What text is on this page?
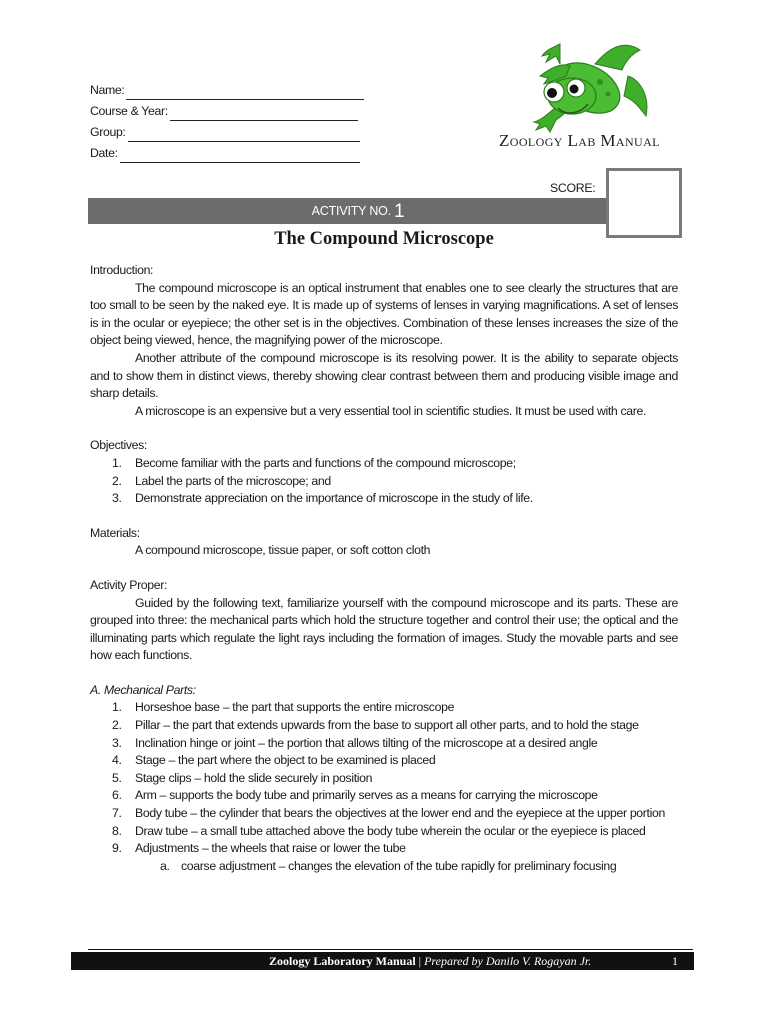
Name:
Course & Year:
Group:
Date:
Zoology Lab Manual
SCORE:
ACTIVITY NO. 1
The Compound Microscope
Introduction:

The compound microscope is an optical instrument that enables one to see clearly the structures that are too small to be seen by the naked eye. It is made up of systems of lenses in varying magnifications. A set of lenses is in the ocular or eyepiece; the other set is in the objectives. Combination of these lenses increases the size of the object being viewed, hence, the magnifying power of the microscope.

Another attribute of the compound microscope is its resolving power. It is the ability to separate objects and to show them in distinct views, thereby showing clear contrast between them and producing visible image and sharp details.

A microscope is an expensive but a very essential tool in scientific studies. It must be used with care.

Objectives:
1.	Become familiar with the parts and functions of the compound microscope;
2.	Label the parts of the microscope; and
3.	Demonstrate appreciation on the importance of microscope in the study of life.
Materials:
A compound microscope, tissue paper, or soft cotton cloth
Activity Proper:

Guided by the following text, familiarize yourself with the compound microscope and its parts. These are grouped into three: the mechanical parts which hold the structure together and control their use; the optical and the illuminating parts which regulate the light rays including the formation of images. Study the movable parts and see how each functions.

A. Mechanical Parts:
1.	Horseshoe base – the part that supports the entire microscope
2.	Pillar – the part that extends upwards from the base to support all other parts, and to hold the stage
3.	Inclination hinge or joint – the portion that allows tilting of the microscope at a desired angle
4.	Stage – the part where the object to be examined is placed
5.	Stage clips – hold the slide securely in position
6.	Arm – supports the body tube and primarily serves as a means for carrying the microscope
7.	Body tube – the cylinder that bears the objectives at the lower end and the eyepiece at the upper portion
8.	Draw tube – a small tube attached above the body tube wherein the ocular or the eyepiece is placed
9.	Adjustments – the wheels that raise or lower the tube
a. coarse adjustment – changes the elevation of the tube rapidly for preliminary focusing
Zoology Laboratory Manual | Prepared by Danilo V. Rogayan Jr.	1
